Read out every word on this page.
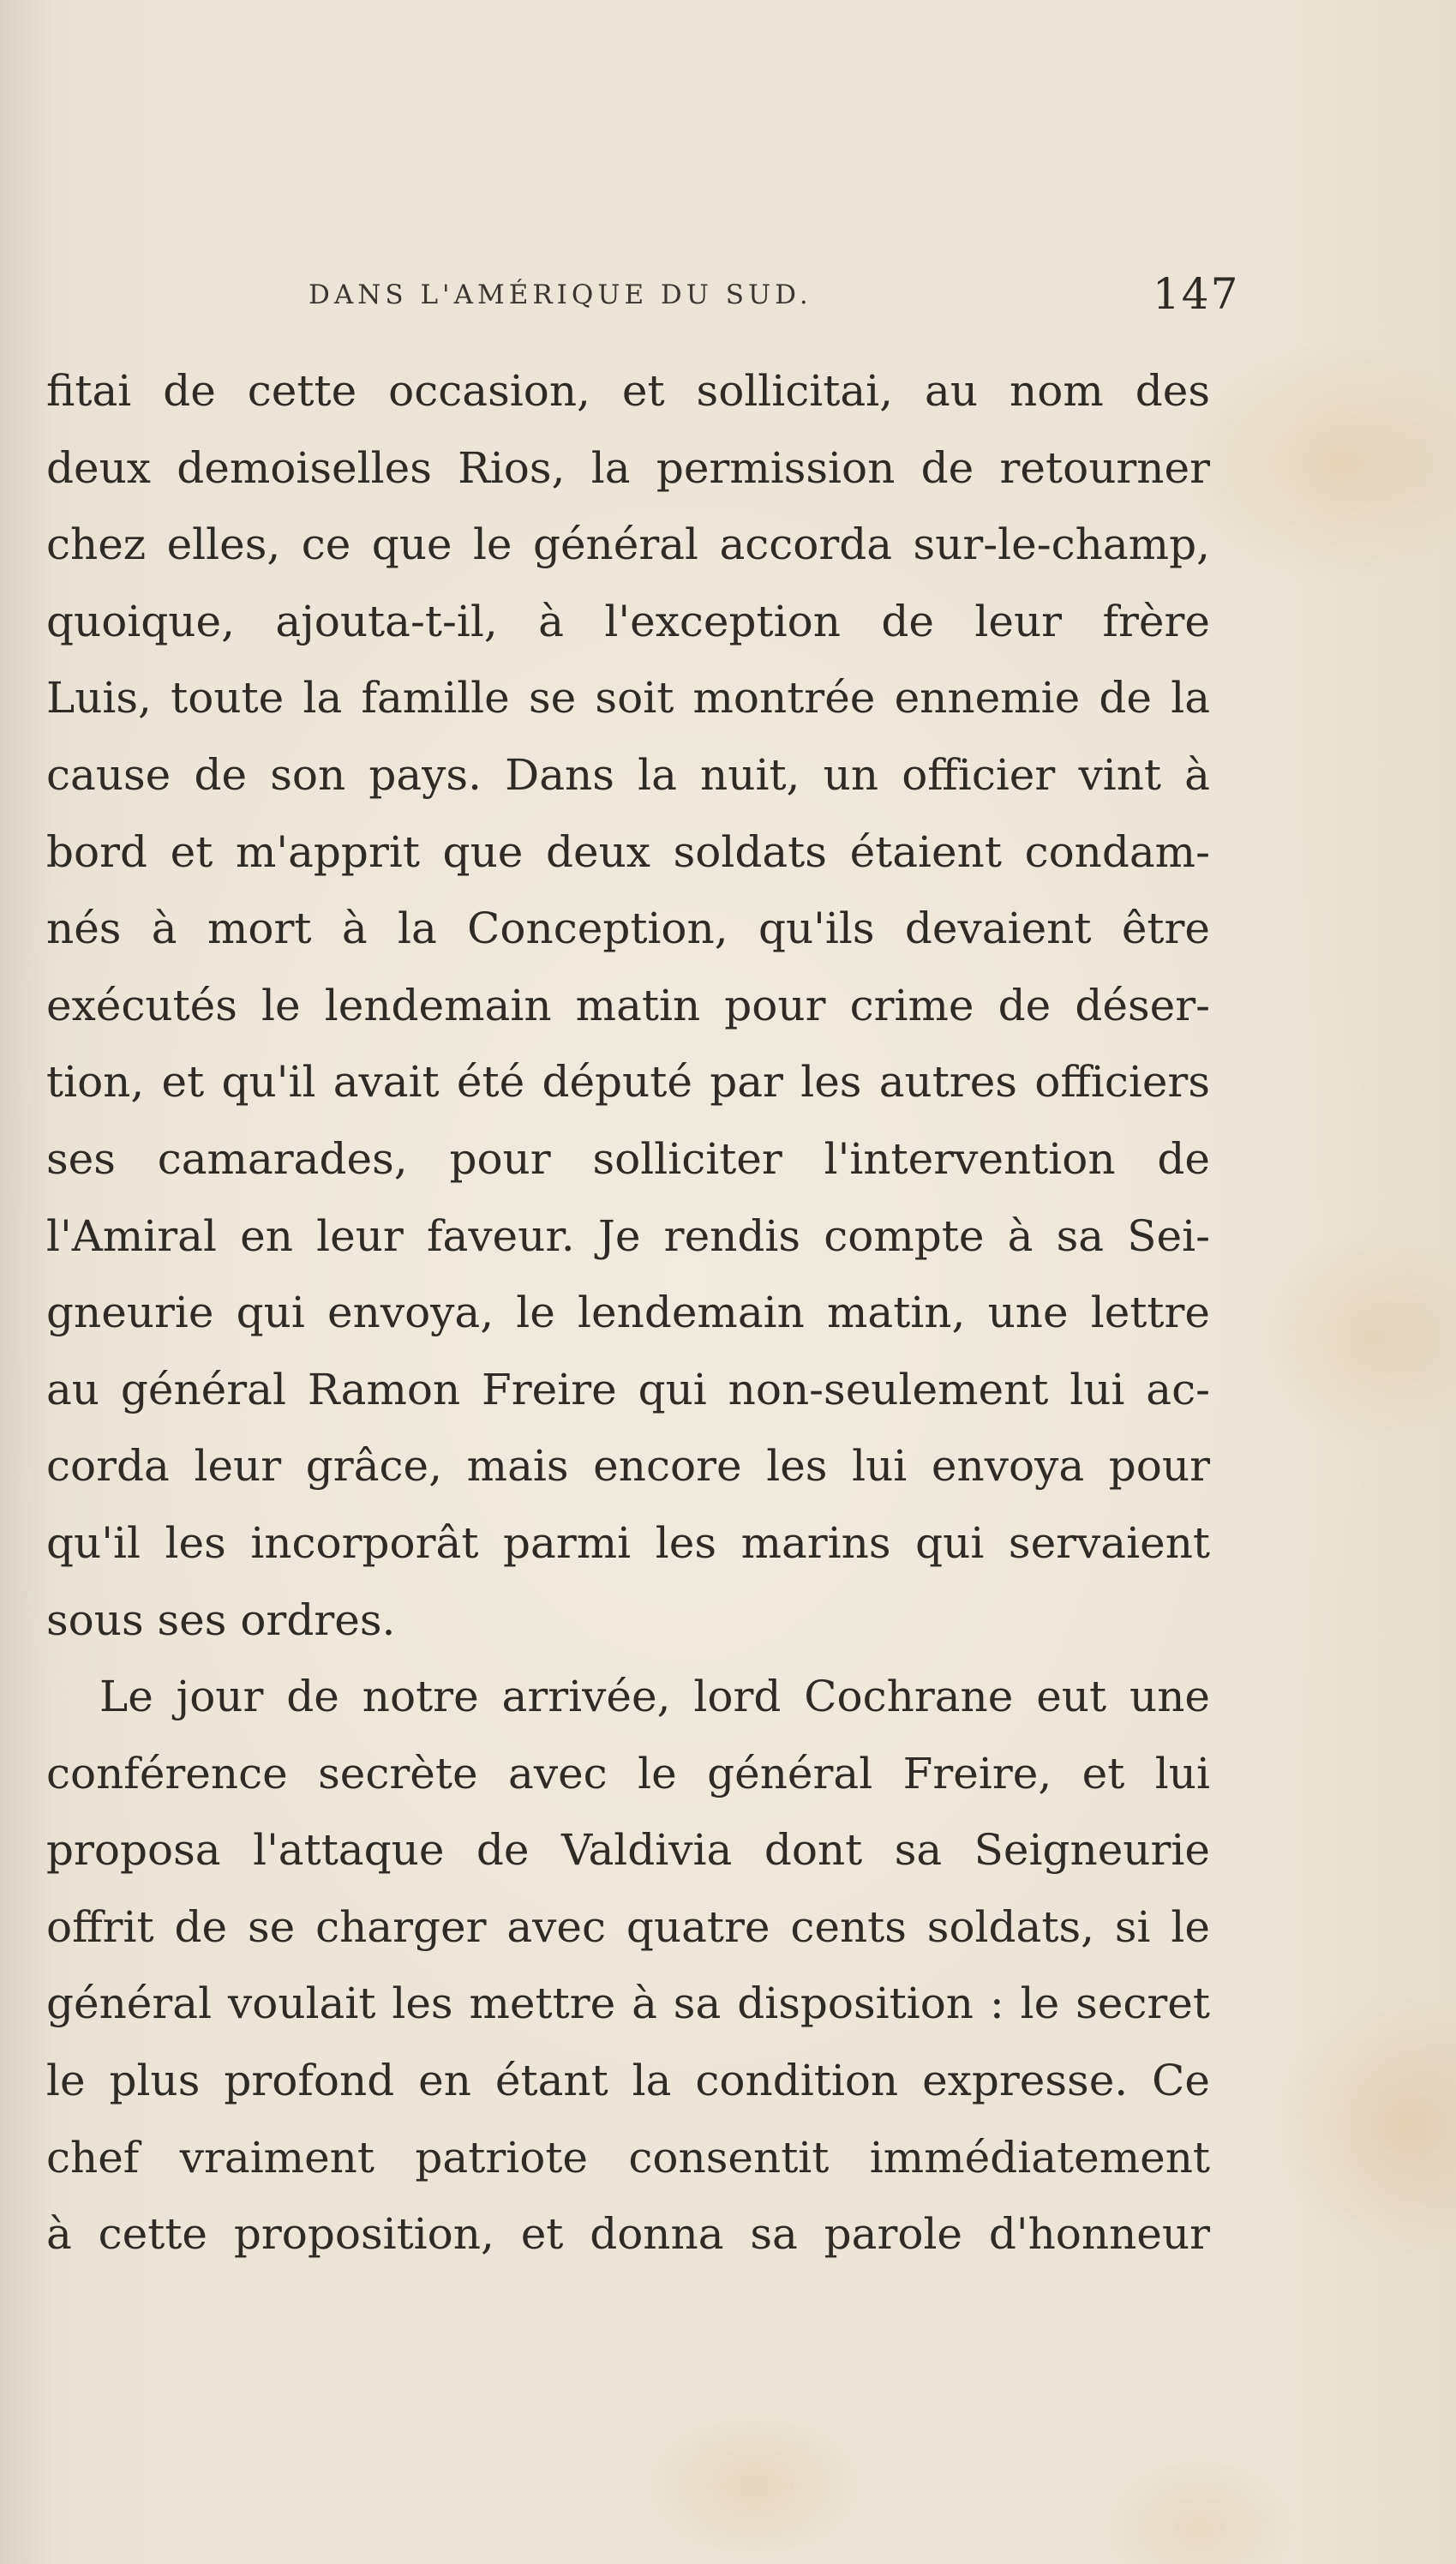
DANS L'AMÉRIQUE DU SUD.	147
fitai de cette occasion, et sollicitai, au nom des
deux demoiselles Rios, la permission de retourner
chez elles, ce que le général accorda sur-le-champ,
quoique, ajouta-t-il, à l'exception de leur frère
Luis, toute la famille se soit montrée ennemie de la
cause de son pays. Dans la nuit, un officier vint à
bord et m'apprit que deux soldats étaient condam-
nés à mort à la Conception, qu'ils devaient être
exécutés le lendemain matin pour crime de déser-
tion, et qu'il avait été député par les autres officiers
ses camarades, pour solliciter l'intervention de
l'Amiral en leur faveur. Je rendis compte à sa Sei-
gneurie qui envoya, le lendemain matin, une lettre
au général Ramon Freire qui non-seulement lui ac-
corda leur grâce, mais encore les lui envoya pour
qu'il les incorporât parmi les marins qui servaient
sous ses ordres.
Le jour de notre arrivée, lord Cochrane eut une
conférence secrète avec le général Freire, et lui
proposa l'attaque de Valdivia dont sa Seigneurie
offrit de se charger avec quatre cents soldats, si le
général voulait les mettre à sa disposition : le secret
le plus profond en étant la condition expresse. Ce
chef vraiment patriote consentit immédiatement
à cette proposition, et donna sa parole d'honneur
